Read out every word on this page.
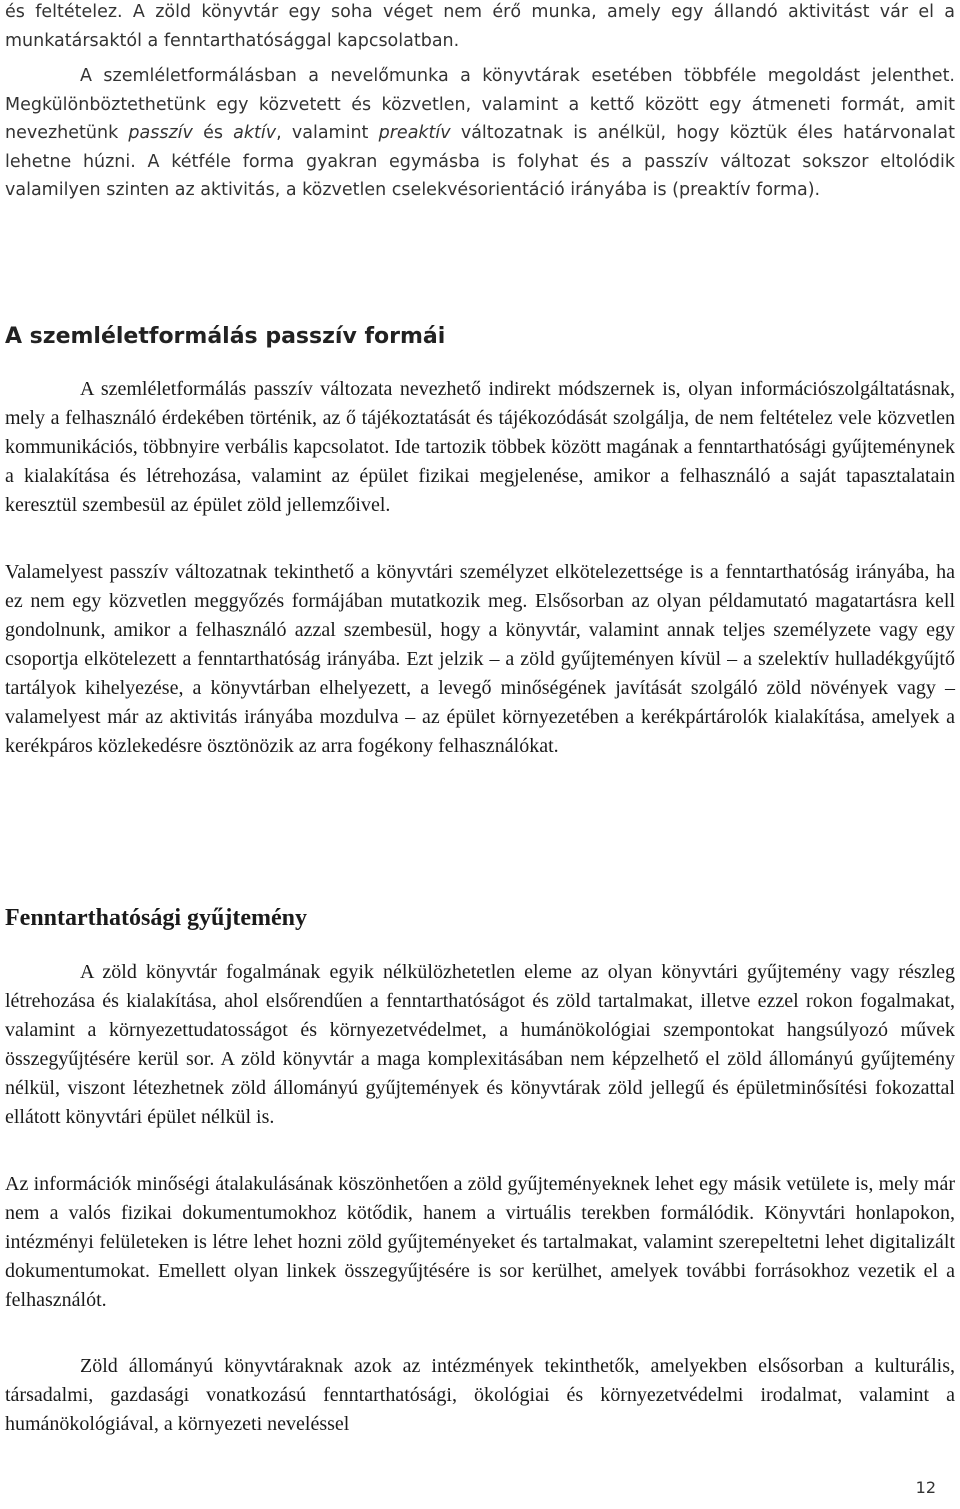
és feltételez. A zöld könyvtár egy soha véget nem érő munka, amely egy állandó aktivitást vár el a munkatársaktól a fenntarthatósággal kapcsolatban.

A szemléletformálásban a nevelőmunka a könyvtárak esetében többféle megoldást jelenthet. Megkülönböztethetünk egy közvetett és közvetlen, valamint a kettő között egy átmeneti formát, amit nevezhetünk passzív és aktív, valamint preaktív változatnak is anélkül, hogy köztük éles határvonalat lehetne húzni. A kétféle forma gyakran egymásba is folyhat és a passzív változat sokszor eltolódik valamilyen szinten az aktivitás, a közvetlen cselekvésorientáció irányába is (preaktív forma).

A szemléletformálás passzív formái

A szemléletformálás passzív változata nevezhető indirekt módszernek is, olyan információszolgáltatásnak, mely a felhasználó érdekében történik, az ő tájékoztatását és tájékozódását szolgálja, de nem feltételez vele közvetlen kommunikációs, többnyire verbális kapcsolatot. Ide tartozik többek között magának a fenntarthatósági gyűjteménynek a kialakítása és létrehozása, valamint az épület fizikai megjelenése, amikor a felhasználó a saját tapasztalatain keresztül szembesül az épület zöld jellemzőivel.

Valamelyest passzív változatnak tekinthető a könyvtári személyzet elkötelezettsége is a fenntarthatóság irányába, ha ez nem egy közvetlen meggyőzés formájában mutatkozik meg. Elsősorban az olyan példamutató magatartásra kell gondolnunk, amikor a felhasználó azzal szembesül, hogy a könyvtár, valamint annak teljes személyzete vagy egy csoportja elkötelezett a fenntarthatóság irányába. Ezt jelzik – a zöld gyűjteményen kívül – a szelektív hulladékgyűjtő tartályok kihelyezése, a könyvtárban elhelyezett, a levegő minőségének javítását szolgáló zöld növények vagy – valamelyest már az aktivitás irányába mozdulva – az épület környezetében a kerékpártárolók kialakítása, amelyek a kerékpáros közlekedésre ösztönözik az arra fogékony felhasználókat.

Fenntarthatósági gyűjtemény

A zöld könyvtár fogalmának egyik nélkülözhetetlen eleme az olyan könyvtári gyűjtemény vagy részleg létrehozása és kialakítása, ahol elsőrendűen a fenntarthatóságot és zöld tartalmakat, illetve ezzel rokon fogalmakat, valamint a környezettudatosságot és környezetvédelmet, a humánökológiai szempontokat hangsúlyozó művek összegyűjtésére kerül sor. A zöld könyvtár a maga komplexitásában nem képzelhető el zöld állományú gyűjtemény nélkül, viszont létezhetnek zöld állományú gyűjtemények és könyvtárak zöld jellegű és épületminősítési fokozattal ellátott könyvtári épület nélkül is.

Az információk minőségi átalakulásának köszönhetően a zöld gyűjteményeknek lehet egy másik vetülete is, mely már nem a valós fizikai dokumentumokhoz kötődik, hanem a virtuális terekben formálódik. Könyvtári honlapokon, intézményi felületeken is létre lehet hozni zöld gyűjteményeket és tartalmakat, valamint szerepeltetni lehet digitalizált dokumentumokat. Emellett olyan linkek összegyűjtésére is sor kerülhet, amelyek további forrásokhoz vezetik el a felhasználót.

Zöld állományú könyvtáraknak azok az intézmények tekinthetők, amelyekben elsősorban a kulturális, társadalmi, gazdasági vonatkozású fenntarthatósági, ökológiai és környezetvédelmi irodalmat, valamint a humánökológiával, a környezeti neveléssel

12
